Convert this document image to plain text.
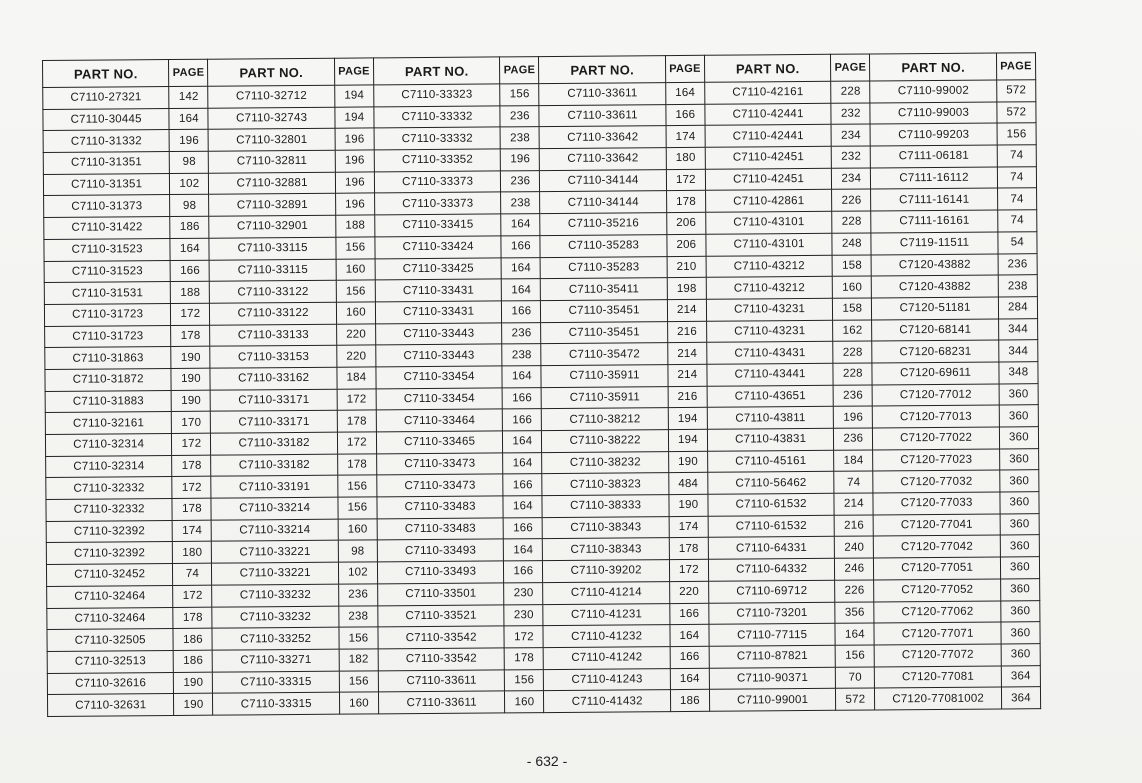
PART NO.	PAGE	PART NO.	PAGE	PART NO.	PAGE	PART NO.	PAGE	PART NO.	PAGE	PART NO.	PAGE
C7110-27321	142	C7110-32712	194	C7110-33323	156	C7110-33611	164	C7110-42161	228	C7110-99002	572
C7110-30445	164	C7110-32743	194	C7110-33332	236	C7110-33611	166	C7110-42441	232	C7110-99003	572
C7110-31332	196	C7110-32801	196	C7110-33332	238	C7110-33642	174	C7110-42441	234	C7110-99203	156
C7110-31351	98	C7110-32811	196	C7110-33352	196	C7110-33642	180	C7110-42451	232	C7111-06181	74
C7110-31351	102	C7110-32881	196	C7110-33373	236	C7110-34144	172	C7110-42451	234	C7111-16112	74
C7110-31373	98	C7110-32891	196	C7110-33373	238	C7110-34144	178	C7110-42861	226	C7111-16141	74
C7110-31422	186	C7110-32901	188	C7110-33415	164	C7110-35216	206	C7110-43101	228	C7111-16161	74
C7110-31523	164	C7110-33115	156	C7110-33424	166	C7110-35283	206	C7110-43101	248	C7119-11511	54
C7110-31523	166	C7110-33115	160	C7110-33425	164	C7110-35283	210	C7110-43212	158	C7120-43882	236
C7110-31531	188	C7110-33122	156	C7110-33431	164	C7110-35411	198	C7110-43212	160	C7120-43882	238
C7110-31723	172	C7110-33122	160	C7110-33431	166	C7110-35451	214	C7110-43231	158	C7120-51181	284
C7110-31723	178	C7110-33133	220	C7110-33443	236	C7110-35451	216	C7110-43231	162	C7120-68141	344
C7110-31863	190	C7110-33153	220	C7110-33443	238	C7110-35472	214	C7110-43431	228	C7120-68231	344
C7110-31872	190	C7110-33162	184	C7110-33454	164	C7110-35911	214	C7110-43441	228	C7120-69611	348
C7110-31883	190	C7110-33171	172	C7110-33454	166	C7110-35911	216	C7110-43651	236	C7120-77012	360
C7110-32161	170	C7110-33171	178	C7110-33464	166	C7110-38212	194	C7110-43811	196	C7120-77013	360
C7110-32314	172	C7110-33182	172	C7110-33465	164	C7110-38222	194	C7110-43831	236	C7120-77022	360
C7110-32314	178	C7110-33182	178	C7110-33473	164	C7110-38232	190	C7110-45161	184	C7120-77023	360
C7110-32332	172	C7110-33191	156	C7110-33473	166	C7110-38323	484	C7110-56462	74	C7120-77032	360
C7110-32332	178	C7110-33214	156	C7110-33483	164	C7110-38333	190	C7110-61532	214	C7120-77033	360
C7110-32392	174	C7110-33214	160	C7110-33483	166	C7110-38343	174	C7110-61532	216	C7120-77041	360
C7110-32392	180	C7110-33221	98	C7110-33493	164	C7110-38343	178	C7110-64331	240	C7120-77042	360
C7110-32452	74	C7110-33221	102	C7110-33493	166	C7110-39202	172	C7110-64332	246	C7120-77051	360
C7110-32464	172	C7110-33232	236	C7110-33501	230	C7110-41214	220	C7110-69712	226	C7120-77052	360
C7110-32464	178	C7110-33232	238	C7110-33521	230	C7110-41231	166	C7110-73201	356	C7120-77062	360
C7110-32505	186	C7110-33252	156	C7110-33542	172	C7110-41232	164	C7110-77115	164	C7120-77071	360
C7110-32513	186	C7110-33271	182	C7110-33542	178	C7110-41242	166	C7110-87821	156	C7120-77072	360
C7110-32616	190	C7110-33315	156	C7110-33611	156	C7110-41243	164	C7110-90371	70	C7120-77081	364
C7110-32631	190	C7110-33315	160	C7110-33611	160	C7110-41432	186	C7110-99001	572	C7120-77081002	364
- 632 -
